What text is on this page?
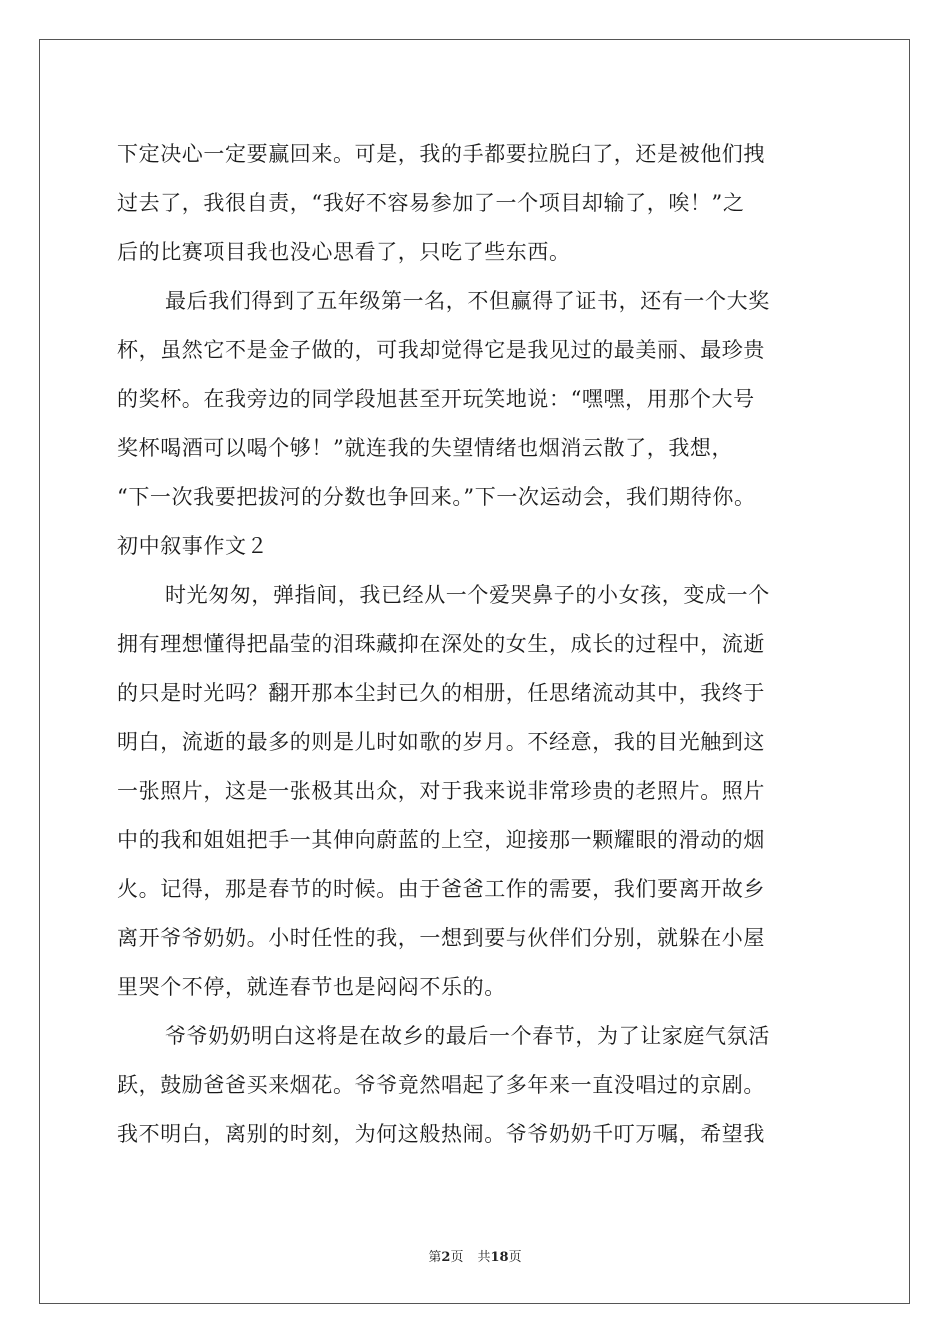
下定决心一定要赢回来。可是，我的手都要拉脱臼了，还是被他们拽
过去了，我很自责，“我好不容易参加了一个项目却输了，唉！”之
后的比赛项目我也没心思看了，只吃了些东西。
最后我们得到了五年级第一名，不但赢得了证书，还有一个大奖
杯，虽然它不是金子做的，可我却觉得它是我见过的最美丽、最珍贵
的奖杯。在我旁边的同学段旭甚至开玩笑地说：“嘿嘿，用那个大号
奖杯喝酒可以喝个够！”就连我的失望情绪也烟消云散了，我想，
“下一次我要把拔河的分数也争回来。”下一次运动会，我们期待你。
初中叙事作文２
时光匆匆，弹指间，我已经从一个爱哭鼻子的小女孩，变成一个
拥有理想懂得把晶莹的泪珠藏抑在深处的女生，成长的过程中，流逝
的只是时光吗？翻开那本尘封已久的相册，任思绪流动其中，我终于
明白，流逝的最多的则是儿时如歌的岁月。不经意，我的目光触到这
一张照片，这是一张极其出众，对于我来说非常珍贵的老照片。照片
中的我和姐姐把手一其伸向蔚蓝的上空，迎接那一颗耀眼的滑动的烟
火。记得，那是春节的时候。由于爸爸工作的需要，我们要离开故乡
离开爷爷奶奶。小时任性的我，一想到要与伙伴们分别，就躲在小屋
里哭个不停，就连春节也是闷闷不乐的。
爷爷奶奶明白这将是在故乡的最后一个春节，为了让家庭气氛活
跃，鼓励爸爸买来烟花。爷爷竟然唱起了多年来一直没唱过的京剧。
我不明白，离别的时刻，为何这般热闹。爷爷奶奶千叮万嘱，希望我
第2页 共18页
